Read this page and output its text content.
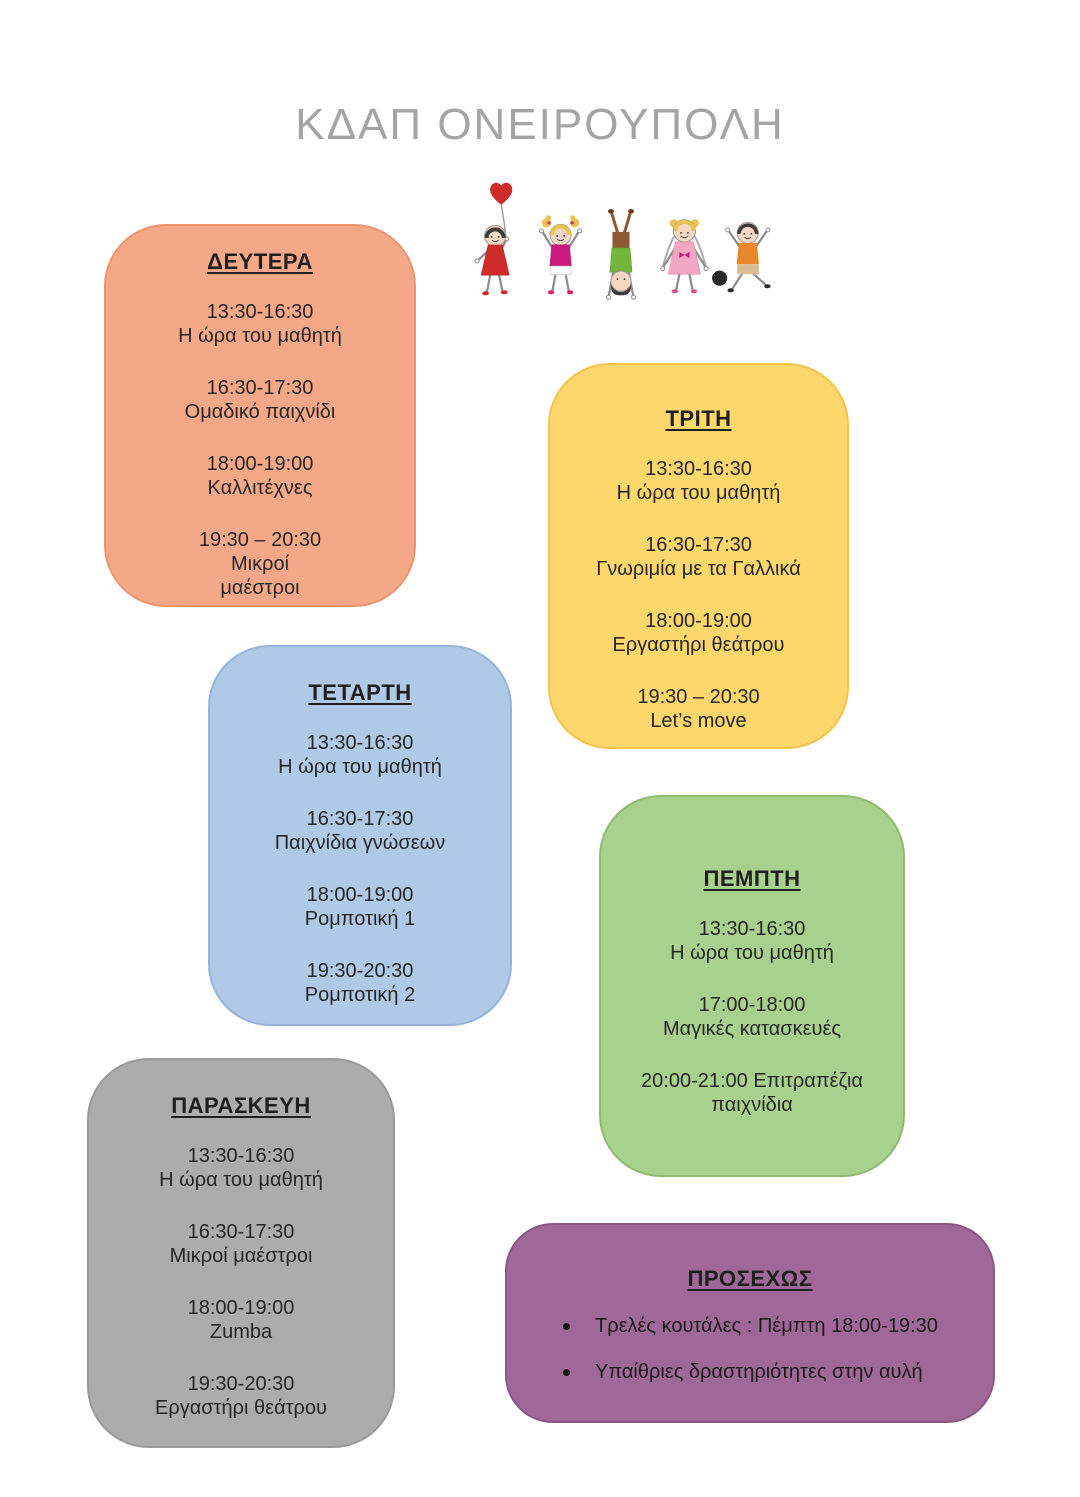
ΚΔΑΠ ΟΝΕΙΡΟΥΠΟΛΗ
ΔΕΥΤΕΡΑ
13:30-16:30
Η ώρα του μαθητή
16:30-17:30
Ομαδικό παιχνίδι
18:00-19:00
Καλλιτέχνες
19:30 – 20:30
Μικροί
μαέστροι
ΤΡΙΤΗ
13:30-16:30
Η ώρα του μαθητή
16:30-17:30
Γνωριμία με τα Γαλλικά
18:00-19:00
Εργαστήρι θεάτρου
19:30 – 20:30
Let’s move
ΤΕΤΑΡΤΗ
13:30-16:30
Η ώρα του μαθητή
16:30-17:30
Παιχνίδια γνώσεων
18:00-19:00
Ρομποτική 1
19:30-20:30
Ρομποτική 2
ΠΕΜΠΤΗ
13:30-16:30
Η ώρα του μαθητή
17:00-18:00
Μαγικές κατασκευές
20:00-21:00 Επιτραπέζια
παιχνίδια
ΠΑΡΑΣΚΕΥΗ
13:30-16:30
Η ώρα του μαθητή
16:30-17:30
Μικροί μαέστροι
18:00-19:00
Zumba
19:30-20:30
Εργαστήρι θεάτρου
ΠΡΟΣΕΧΩΣ
Τρελές κουτάλες : Πέμπτη 18:00-19:30
Υπαίθριες δραστηριότητες στην αυλή
